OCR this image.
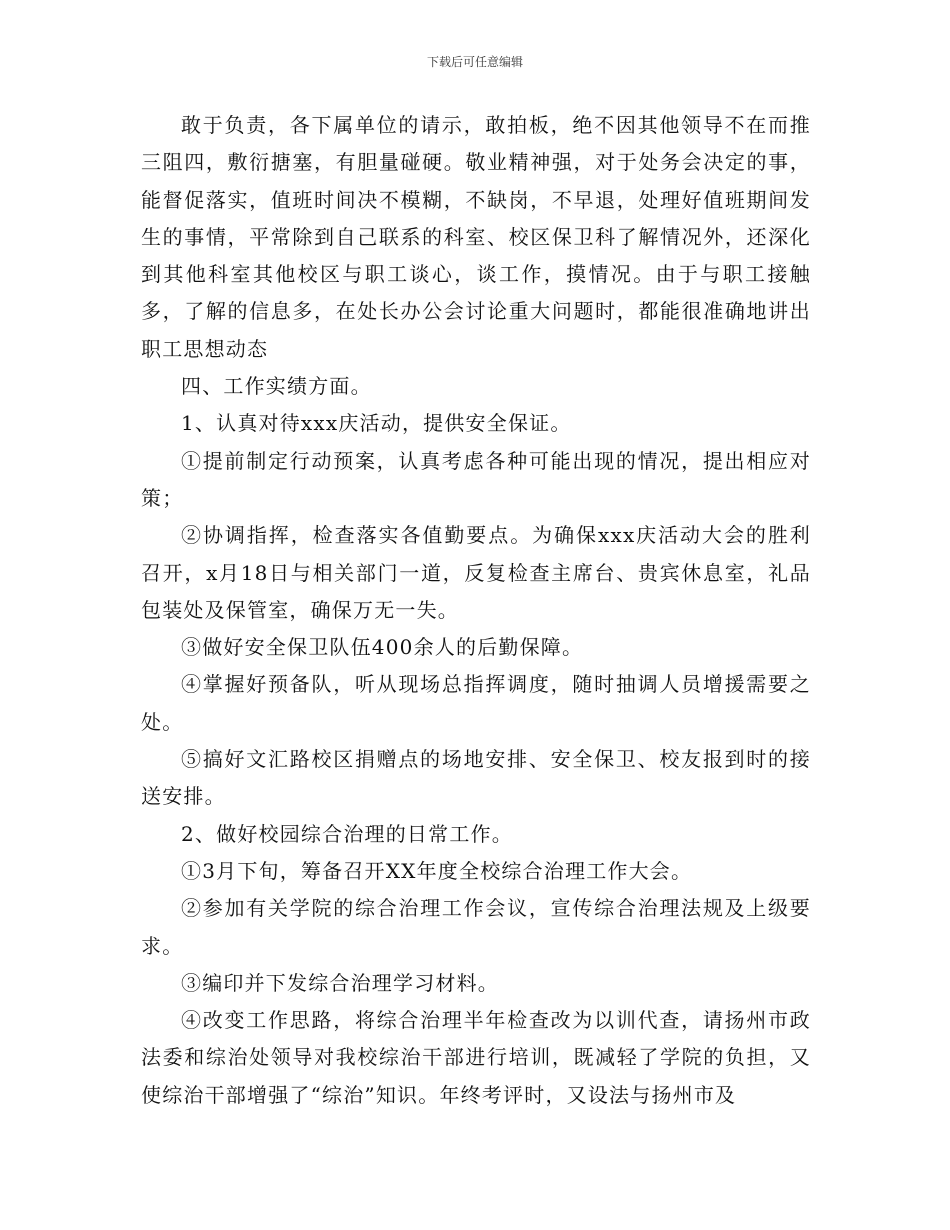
下载后可任意编辑

敢于负责，各下属单位的请示，敢拍板，绝不因其他领导不在而推三阻四，敷衍搪塞，有胆量碰硬。敬业精神强，对于处务会决定的事，能督促落实，值班时间决不模糊，不缺岗，不早退，处理好值班期间发生的事情，平常除到自己联系的科室、校区保卫科了解情况外，还深化到其他科室其他校区与职工谈心，谈工作，摸情况。由于与职工接触多，了解的信息多，在处长办公会讨论重大问题时，都能很准确地讲出职工思想动态

四、工作实绩方面。

1、认真对待xxx庆活动，提供安全保证。

①提前制定行动预案，认真考虑各种可能出现的情况，提出相应对策；

②协调指挥，检查落实各值勤要点。为确保xxx庆活动大会的胜利召开，x月18日与相关部门一道，反复检查主席台、贵宾休息室，礼品包装处及保管室，确保万无一失。

③做好安全保卫队伍400余人的后勤保障。

④掌握好预备队，听从现场总指挥调度，随时抽调人员增援需要之处。

⑤搞好文汇路校区捐赠点的场地安排、安全保卫、校友报到时的接送安排。

2、做好校园综合治理的日常工作。

①3月下旬，筹备召开XX年度全校综合治理工作大会。

②参加有关学院的综合治理工作会议，宣传综合治理法规及上级要求。

③编印并下发综合治理学习材料。

④改变工作思路，将综合治理半年检查改为以训代查，请扬州市政法委和综治处领导对我校综治干部进行培训，既减轻了学院的负担，又使综治干部增强了“综治”知识。年终考评时，又设法与扬州市及
